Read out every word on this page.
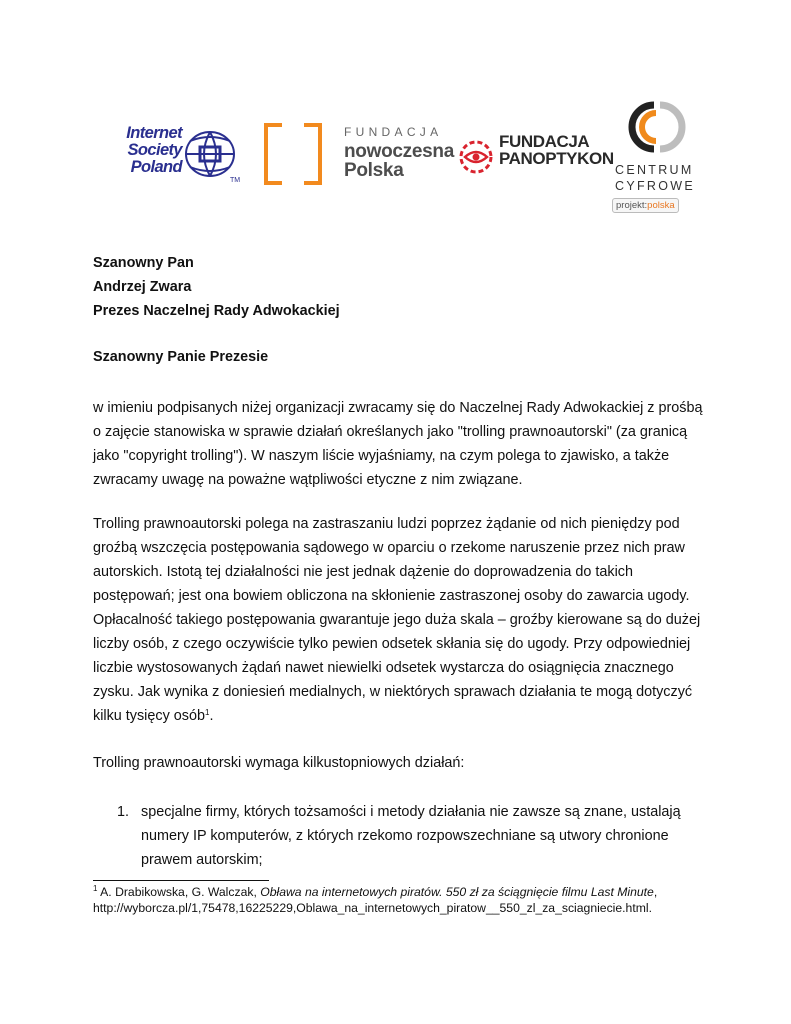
Internet
Society
Poland
TM
FUNDACJA
nowoczesna
Polska
FUNDACJA
PANOPTYKON
CENTRUM
CYFROWE
projekt:polska
Szanowny Pan
Andrzej Zwara
Prezes Naczelnej Rady Adwokackiej
Szanowny Panie Prezesie
w imieniu podpisanych niżej organizacji zwracamy się do Naczelnej Rady Adwokackiej z prośbą
o zajęcie stanowiska w sprawie działań określanych jako "trolling prawnoautorski" (za granicą
jako "copyright trolling"). W naszym liście wyjaśniamy, na czym polega to zjawisko, a także
zwracamy uwagę na poważne wątpliwości etyczne z nim związane.
Trolling prawnoautorski polega na zastraszaniu ludzi poprzez żądanie od nich pieniędzy pod
groźbą wszczęcia postępowania sądowego w oparciu o rzekome naruszenie przez nich praw
autorskich. Istotą tej działalności nie jest jednak dążenie do doprowadzenia do takich
postępowań; jest ona bowiem obliczona na skłonienie zastraszonej osoby do zawarcia ugody.
Opłacalność takiego postępowania gwarantuje jego duża skala – groźby kierowane są do dużej
liczby osób, z czego oczywiście tylko pewien odsetek skłania się do ugody. Przy odpowiedniej
liczbie wystosowanych żądań nawet niewielki odsetek wystarcza do osiągnięcia znacznego
zysku. Jak wynika z doniesień medialnych, w niektórych sprawach działania te mogą dotyczyć
kilku tysięcy osób$^1$.
Trolling prawnoautorski wymaga kilkustopniowych działań:
1. specjalne firmy, których tożsamości i metody działania nie zawsze są znane, ustalają
numery IP komputerów, z których rzekomo rozpowszechniane są utwory chronione
prawem autorskim;
$^1$ A. Drabikowska, G. Walczak, Obława na internetowych piratów. 550 zł za ściągnięcie filmu Last Minute,
http://wyborcza.pl/1,75478,16225229,Oblawa_na_internetowych_piratow__550_zl_za_sciagniecie.html.
